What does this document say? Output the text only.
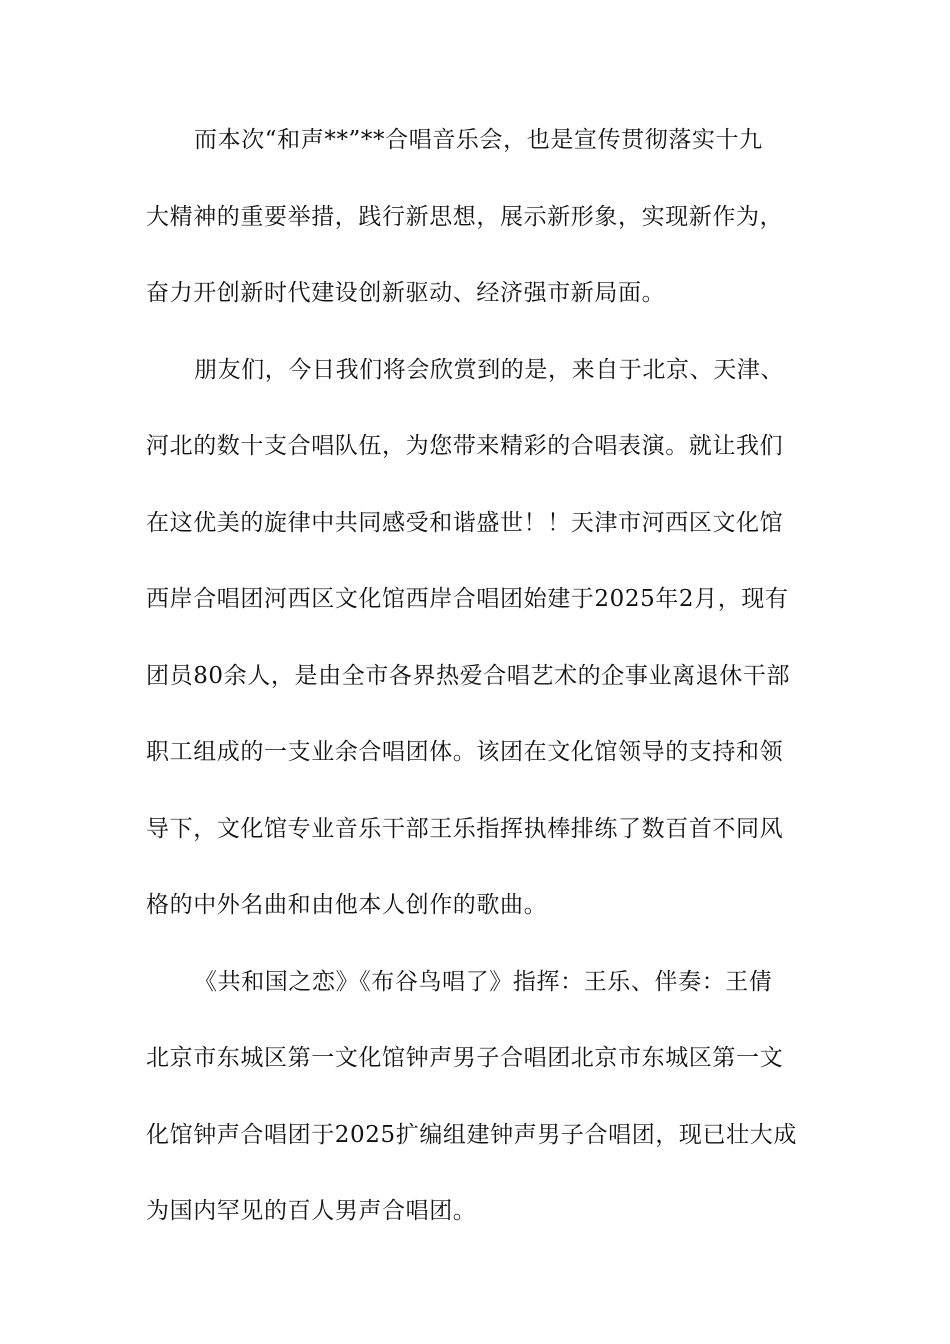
而本次“和声**”**合唱音乐会，也是宣传贯彻落实十九
大精神的重要举措，践行新思想，展示新形象，实现新作为，
奋力开创新时代建设创新驱动、经济强市新局面。
朋友们，今日我们将会欣赏到的是，来自于北京、天津、
河北的数十支合唱队伍，为您带来精彩的合唱表演。就让我们
在这优美的旋律中共同感受和谐盛世！！天津市河西区文化馆
西岸合唱团河西区文化馆西岸合唱团始建于2025年2月，现有
团员80余人，是由全市各界热爱合唱艺术的企事业离退休干部
职工组成的一支业余合唱团体。该团在文化馆领导的支持和领
导下，文化馆专业音乐干部王乐指挥执棒排练了数百首不同风
格的中外名曲和由他本人创作的歌曲。
《共和国之恋》《布谷鸟唱了》指挥：王乐、伴奏：王倩
北京市东城区第一文化馆钟声男子合唱团北京市东城区第一文
化馆钟声合唱团于2025扩编组建钟声男子合唱团，现已壮大成
为国内罕见的百人男声合唱团。
